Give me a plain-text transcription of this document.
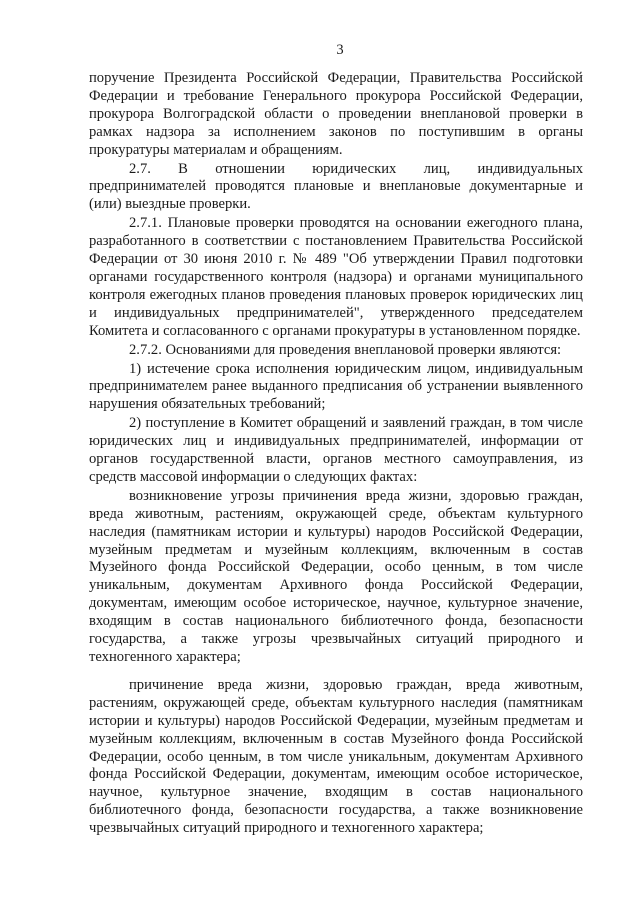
3

поручение Президента Российской Федерации, Правительства Российской Федерации и требование Генерального прокурора Российской Федерации, прокурора Волгоградской области о проведении внеплановой проверки в рамках надзора за исполнением законов по поступившим в органы прокуратуры материалам и обращениям.

2.7. В отношении юридических лиц, индивидуальных предпринимателей проводятся плановые и внеплановые документарные и (или) выездные проверки.

2.7.1. Плановые проверки проводятся на основании ежегодного плана, разработанного в соответствии с постановлением Правительства Российской Федерации от 30 июня 2010 г. № 489 "Об утверждении Правил подготовки органами государственного контроля (надзора) и органами муниципального контроля ежегодных планов проведения плановых проверок юридических лиц и индивидуальных предпринимателей", утвержденного председателем Комитета и согласованного с органами прокуратуры в установленном порядке.

2.7.2. Основаниями для проведения внеплановой проверки являются:

1) истечение срока исполнения юридическим лицом, индивидуальным предпринимателем ранее выданного предписания об устранении выявленного нарушения обязательных требований;

2) поступление в Комитет обращений и заявлений граждан, в том числе юридических лиц и индивидуальных предпринимателей, информации от органов государственной власти, органов местного самоуправления, из средств массовой информации о следующих фактах:

возникновение угрозы причинения вреда жизни, здоровью граждан, вреда животным, растениям, окружающей среде, объектам культурного наследия (памятникам истории и культуры) народов Российской Федерации, музейным предметам и музейным коллекциям, включенным в состав Музейного фонда Российской Федерации, особо ценным, в том числе уникальным, документам Архивного фонда Российской Федерации, документам, имеющим особое историческое, научное, культурное значение, входящим в состав национального библиотечного фонда, безопасности государства, а также угрозы чрезвычайных ситуаций природного и техногенного характера;

причинение вреда жизни, здоровью граждан, вреда животным, растениям, окружающей среде, объектам культурного наследия (памятникам истории и культуры) народов Российской Федерации, музейным предметам и музейным коллекциям, включенным в состав Музейного фонда Российской Федерации, особо ценным, в том числе уникальным, документам Архивного фонда Российской Федерации, документам, имеющим особое историческое, научное, культурное значение, входящим в состав национального библиотечного фонда, безопасности государства, а также возникновение чрезвычайных ситуаций природного и техногенного характера;
